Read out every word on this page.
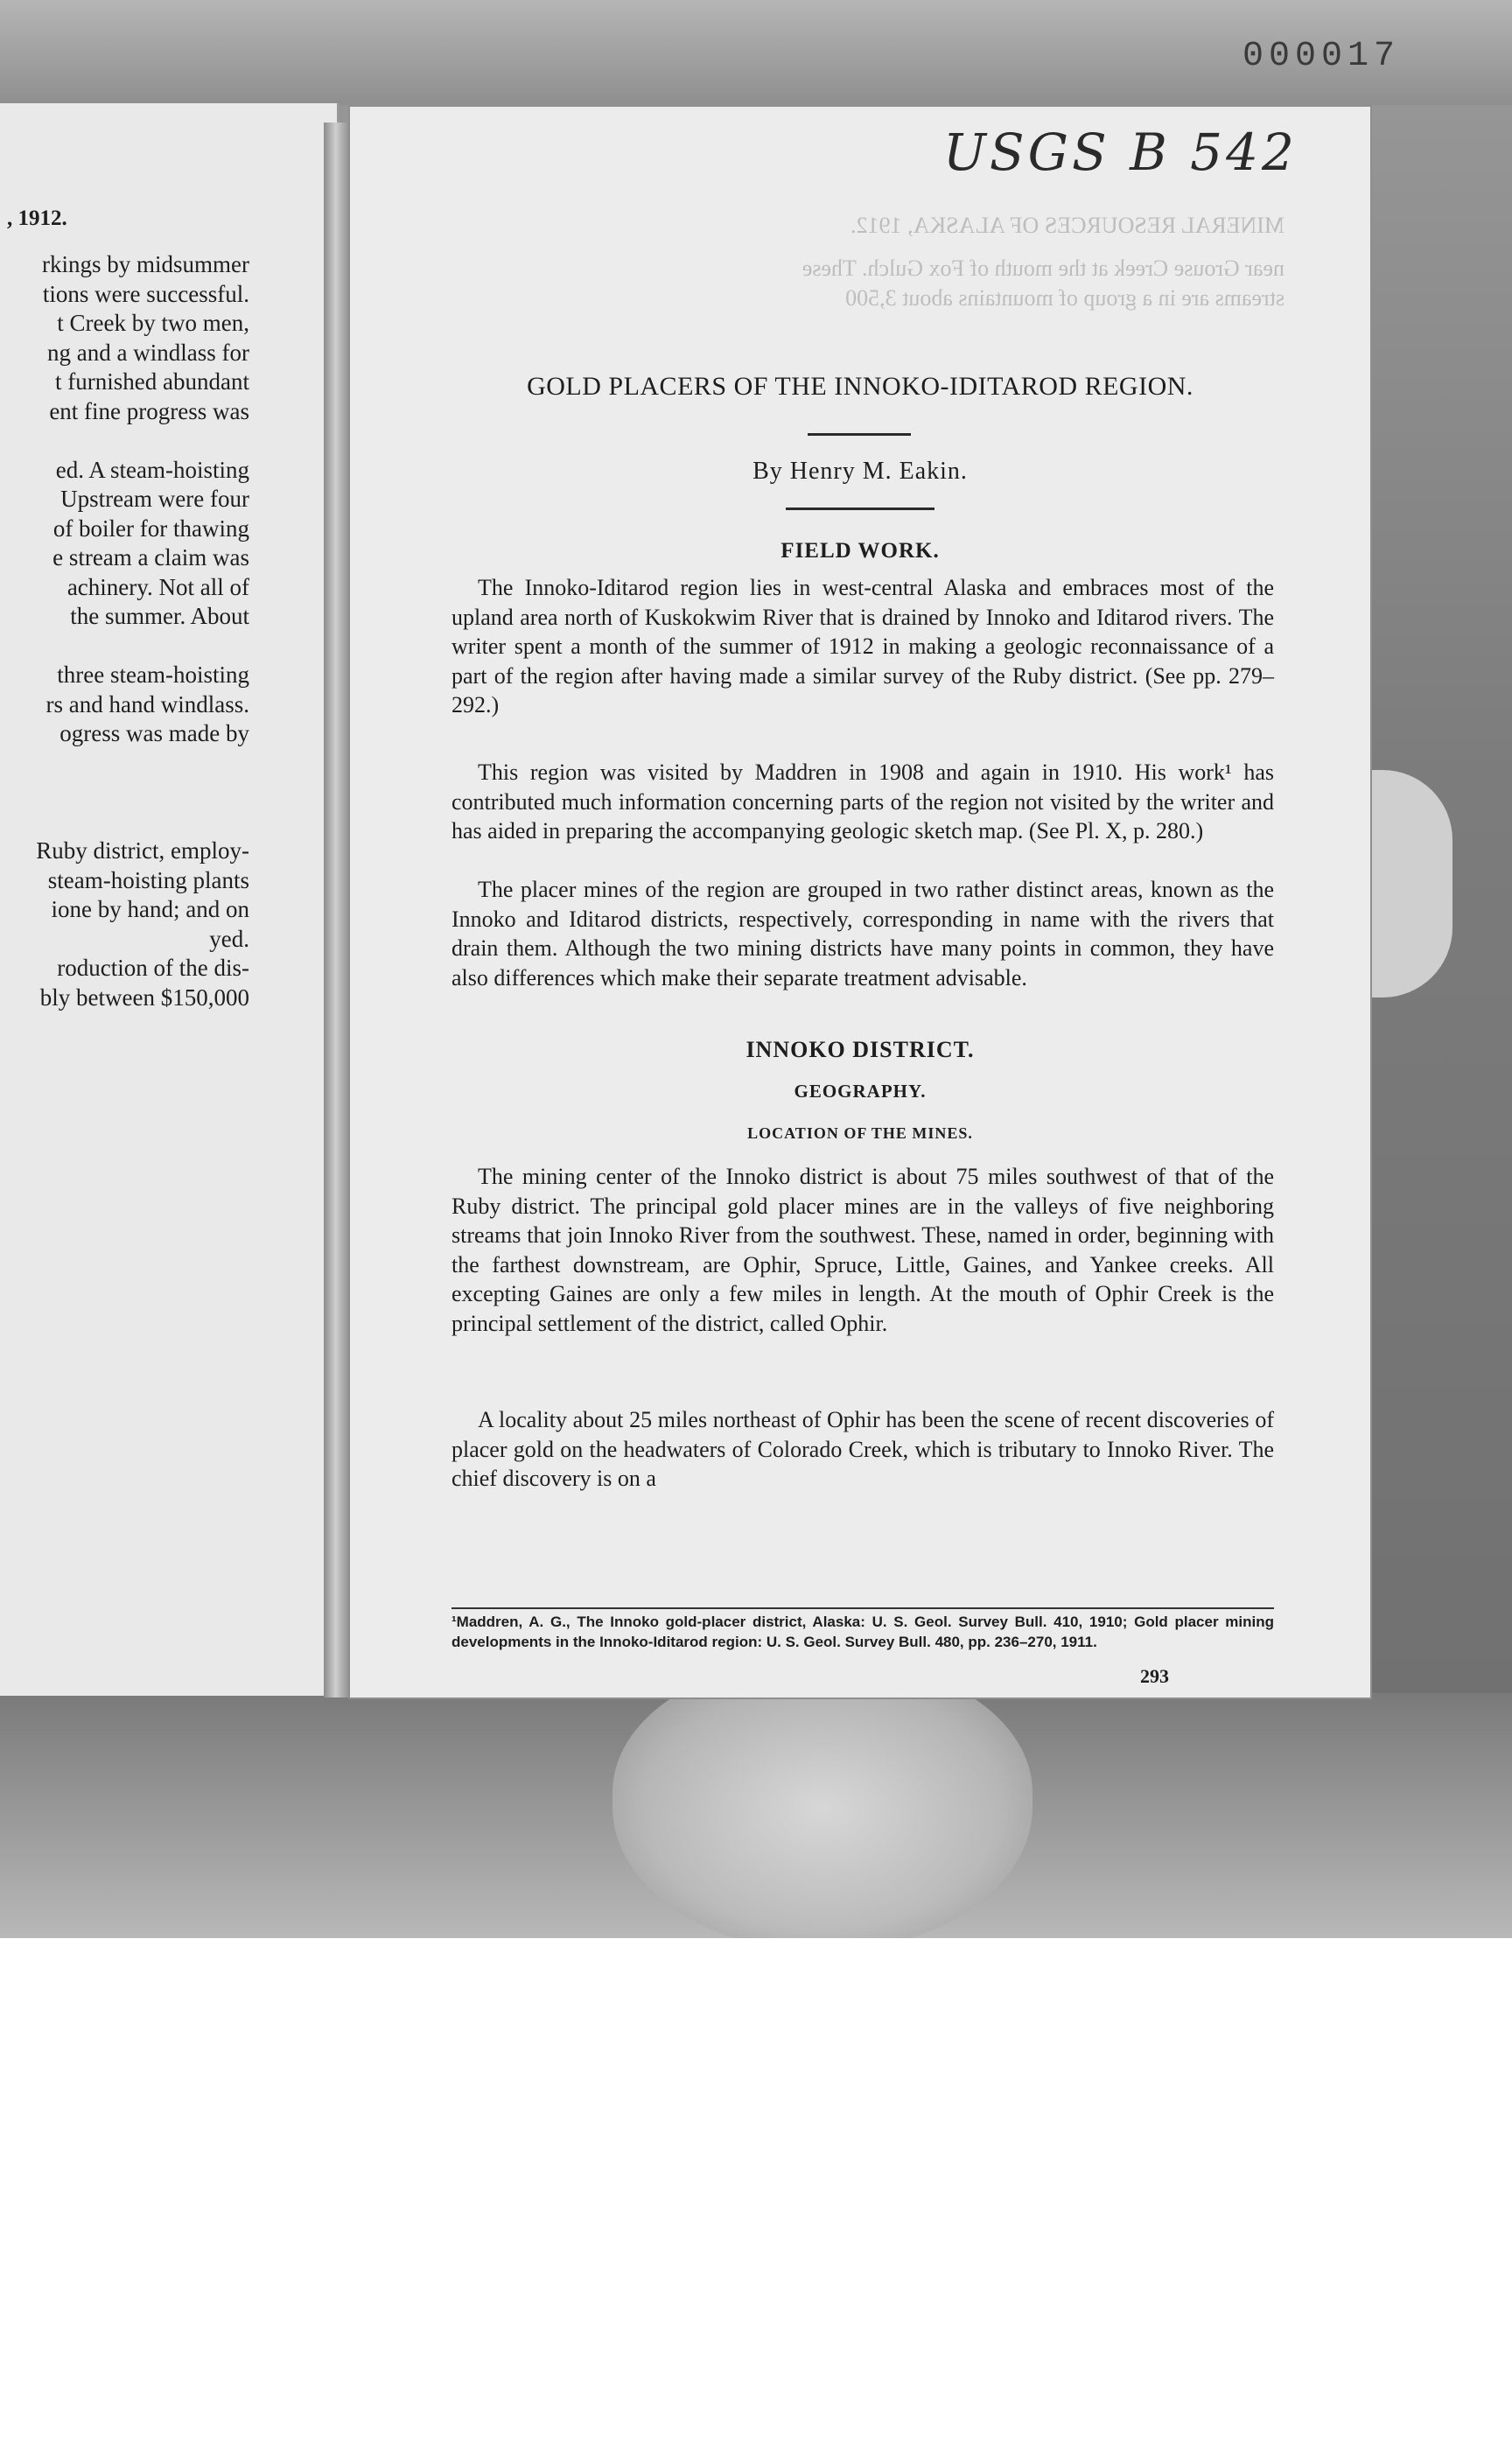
000017
, 1912.
rkings by midsummer
tions were successful.
t Creek by two men,
ng and a windlass for
t furnished abundant
ent fine progress was
ed. A steam-hoisting
Upstream were four
of boiler for thawing
e stream a claim was
achinery. Not all of
the summer. About
three steam-hoisting
rs and hand windlass.
ogress was made by
Ruby district, employ-
steam-hoisting plants
ione by hand; and on
yed.
roduction of the dis-
bly between $150,000
USGS B 542
MINERAL RESOURCES OF ALASKA, 1912.
near Grouse Creek at the mouth of Fox Gulch. These
streams are in a group of mountains about 3,500
GOLD PLACERS OF THE INNOKO-IDITAROD REGION.
By Henry M. Eakin.
FIELD WORK.

The Innoko-Iditarod region lies in west-central Alaska and embraces most of the upland area north of Kuskokwim River that is drained by Innoko and Iditarod rivers. The writer spent a month of the summer of 1912 in making a geologic reconnaissance of a part of the region after having made a similar survey of the Ruby district. (See pp. 279–292.)

This region was visited by Maddren in 1908 and again in 1910. His work¹ has contributed much information concerning parts of the region not visited by the writer and has aided in preparing the accompanying geologic sketch map. (See Pl. X, p. 280.)

The placer mines of the region are grouped in two rather distinct areas, known as the Innoko and Iditarod districts, respectively, corresponding in name with the rivers that drain them. Although the two mining districts have many points in common, they have also differences which make their separate treatment advisable.

INNOKO DISTRICT.
GEOGRAPHY.
LOCATION OF THE MINES.

The mining center of the Innoko district is about 75 miles southwest of that of the Ruby district. The principal gold placer mines are in the valleys of five neighboring streams that join Innoko River from the southwest. These, named in order, beginning with the farthest downstream, are Ophir, Spruce, Little, Gaines, and Yankee creeks. All excepting Gaines are only a few miles in length. At the mouth of Ophir Creek is the principal settlement of the district, called Ophir.

A locality about 25 miles northeast of Ophir has been the scene of recent discoveries of placer gold on the headwaters of Colorado Creek, which is tributary to Innoko River. The chief discovery is on a

¹Maddren, A. G., The Innoko gold-placer district, Alaska: U. S. Geol. Survey Bull. 410, 1910; Gold placer mining developments in the Innoko-Iditarod region: U. S. Geol. Survey Bull. 480, pp. 236–270, 1911.
293
